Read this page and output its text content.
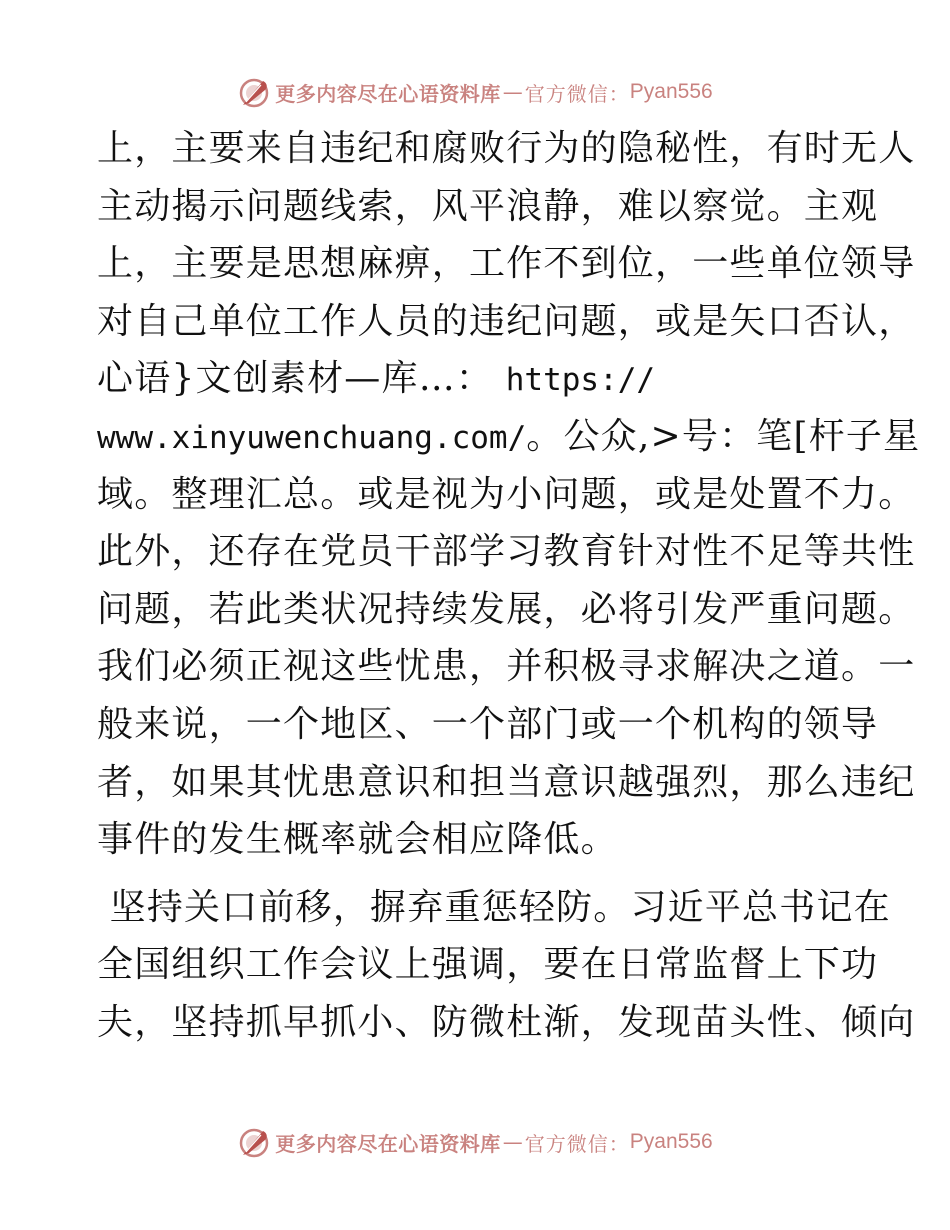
更多内容尽在心语资料库 — 官方微信： Pyan556
上，主要来自违纪和腐败行为的隐秘性，有时无人
主动揭示问题线索，风平浪静，难以察觉。主观
上，主要是思想麻痹，工作不到位，一些单位领导
对自己单位工作人员的违纪问题，或是矢口否认，
心语}文创素材—库…： https://
www.xinyuwenchuang.com/。公众,>号：笔[杆子星
域。整理汇总。或是视为小问题，或是处置不力。
此外，还存在党员干部学习教育针对性不足等共性
问题，若此类状况持续发展，必将引发严重问题。
我们必须正视这些忧患，并积极寻求解决之道。一
般来说，一个地区、一个部门或一个机构的领导
者，如果其忧患意识和担当意识越强烈，那么违纪
事件的发生概率就会相应降低。
坚持关口前移，摒弃重惩轻防。习近平总书记在
全国组织工作会议上强调，要在日常监督上下功
夫，坚持抓早抓小、防微杜渐，发现苗头性、倾向
更多内容尽在心语资料库 — 官方微信： Pyan556
